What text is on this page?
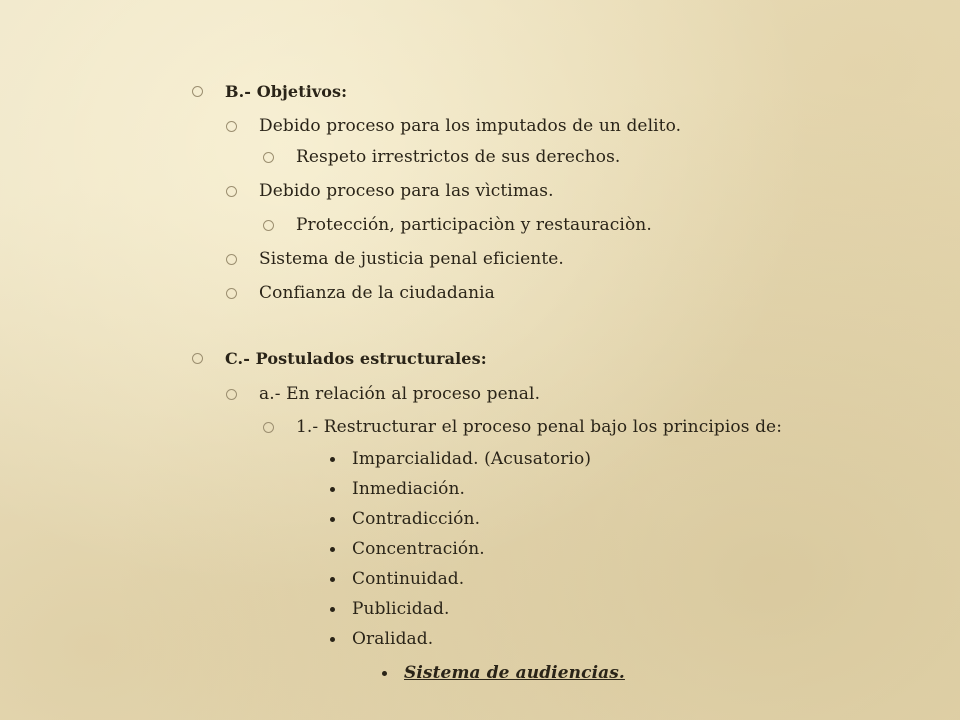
B.- Objetivos:
Debido proceso para los imputados de un delito.
Respeto irrestrictos de sus derechos.
Debido proceso para las vìctimas.
Protección, participaciòn y restauraciòn.
Sistema de justicia penal eficiente.
Confianza de la ciudadania
C.- Postulados estructurales:
a.- En relación al proceso penal.
1.- Restructurar el proceso penal bajo los principios de:
Imparcialidad. (Acusatorio)
Inmediación.
Contradicción.
Concentración.
Continuidad.
Publicidad.
Oralidad.
Sistema de audiencias.
